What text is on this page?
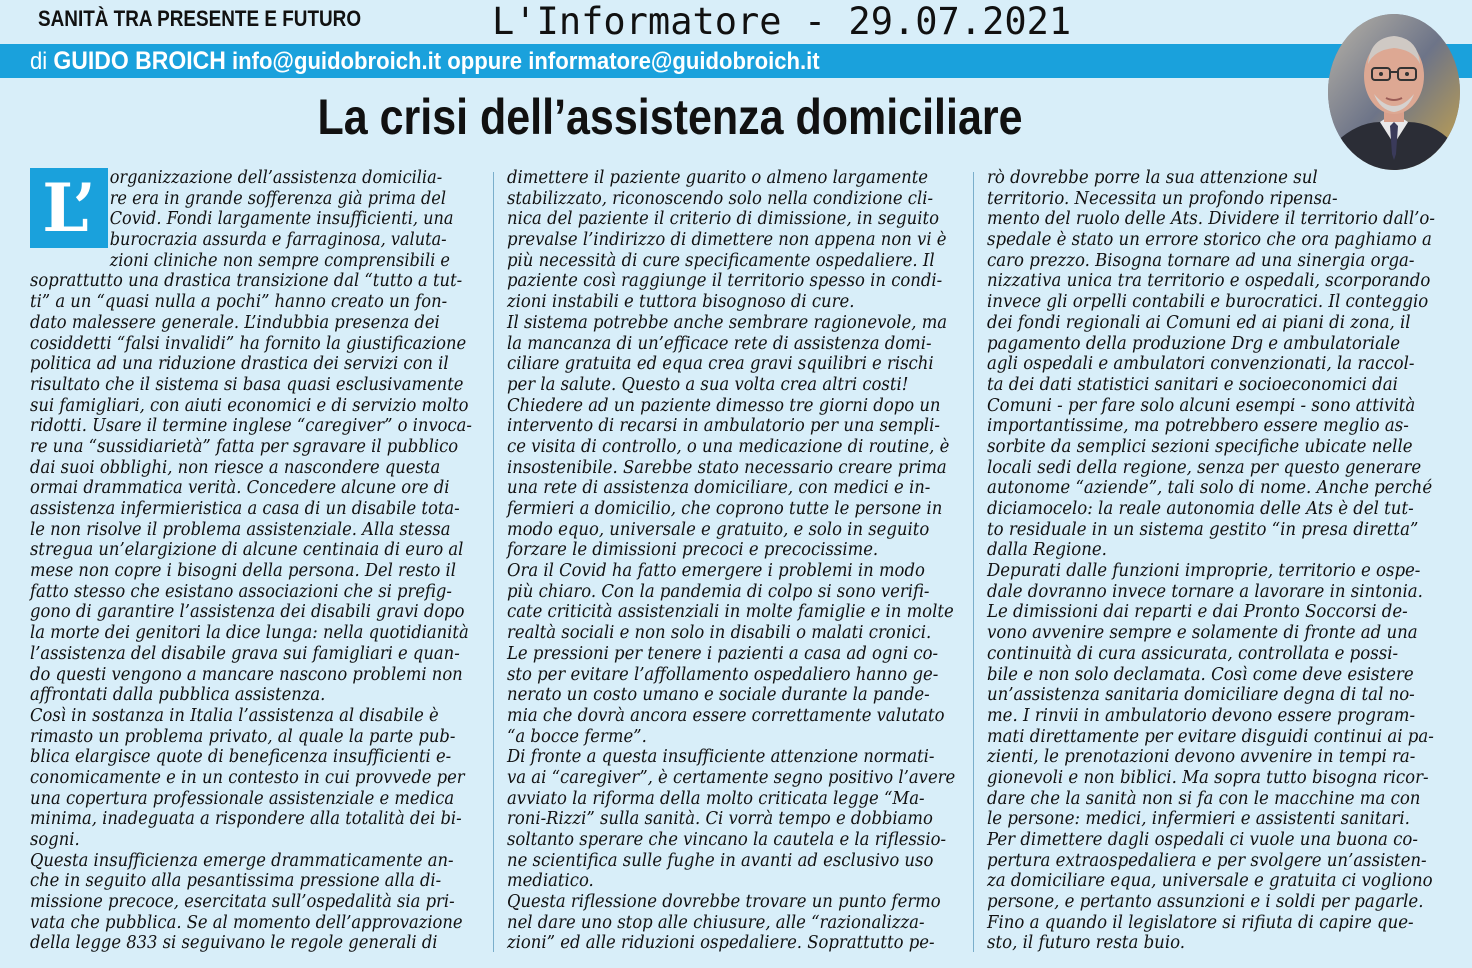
SANITÀ TRA PRESENTE E FUTURO	L'Informatore - 29.07.2021
di GUIDO BROICH info@guidobroich.it oppure informatore@guidobroich.it
La crisi dell’assistenza domiciliare
L’ organizzazione dell’assistenza domicilia-
re era in grande sofferenza già prima del
Covid. Fondi largamente insufficienti, una
burocrazia assurda e farraginosa, valuta-
zioni cliniche non sempre comprensibili e
soprattutto una drastica transizione dal “tutto a tut-
ti” a un “quasi nulla a pochi” hanno creato un fon-
dato malessere generale. L’indubbia presenza dei
cosiddetti “falsi invalidi” ha fornito la giustificazione
politica ad una riduzione drastica dei servizi con il
risultato che il sistema si basa quasi esclusivamente
sui famigliari, con aiuti economici e di servizio molto
ridotti. Usare il termine inglese “caregiver” o invoca-
re una “sussidiarietà” fatta per sgravare il pubblico
dai suoi obblighi, non riesce a nascondere questa
ormai drammatica verità. Concedere alcune ore di
assistenza infermieristica a casa di un disabile tota-
le non risolve il problema assistenziale. Alla stessa
stregua un’elargizione di alcune centinaia di euro al
mese non copre i bisogni della persona. Del resto il
fatto stesso che esistano associazioni che si prefig-
gono di garantire l’assistenza dei disabili gravi dopo
la morte dei genitori la dice lunga: nella quotidianità
l’assistenza del disabile grava sui famigliari e quan-
do questi vengono a mancare nascono problemi non
affrontati dalla pubblica assistenza.
Così in sostanza in Italia l’assistenza al disabile è
rimasto un problema privato, al quale la parte pub-
blica elargisce quote di beneficenza insufficienti e-
conomicamente e in un contesto in cui provvede per
una copertura professionale assistenziale e medica
minima, inadeguata a rispondere alla totalità dei bi-
sogni.
Questa insufficienza emerge drammaticamente an-
che in seguito alla pesantissima pressione alla di-
missione precoce, esercitata sull’ospedalità sia pri-
vata che pubblica. Se al momento dell’approvazione
della legge 833 si seguivano le regole generali di
dimettere il paziente guarito o almeno largamente
stabilizzato, riconoscendo solo nella condizione cli-
nica del paziente il criterio di dimissione, in seguito
prevalse l’indirizzo di dimettere non appena non vi è
più necessità di cure specificamente ospedaliere. Il
paziente così raggiunge il territorio spesso in condi-
zioni instabili e tuttora bisognoso di cure.
Il sistema potrebbe anche sembrare ragionevole, ma
la mancanza di un’efficace rete di assistenza domi-
ciliare gratuita ed equa crea gravi squilibri e rischi
per la salute. Questo a sua volta crea altri costi!
Chiedere ad un paziente dimesso tre giorni dopo un
intervento di recarsi in ambulatorio per una sempli-
ce visita di controllo, o una medicazione di routine, è
insostenibile. Sarebbe stato necessario creare prima
una rete di assistenza domiciliare, con medici e in-
fermieri a domicilio, che coprono tutte le persone in
modo equo, universale e gratuito, e solo in seguito
forzare le dimissioni precoci e precocissime.
Ora il Covid ha fatto emergere i problemi in modo
più chiaro. Con la pandemia di colpo si sono verifi-
cate criticità assistenziali in molte famiglie e in molte
realtà sociali e non solo in disabili o malati cronici.
Le pressioni per tenere i pazienti a casa ad ogni co-
sto per evitare l’affollamento ospedaliero hanno ge-
nerato un costo umano e sociale durante la pande-
mia che dovrà ancora essere correttamente valutato
“a bocce ferme”.
Di fronte a questa insufficiente attenzione normati-
va ai “caregiver”, è certamente segno positivo l’avere
avviato la riforma della molto criticata legge “Ma-
roni-Rizzi” sulla sanità. Ci vorrà tempo e dobbiamo
soltanto sperare che vincano la cautela e la riflessio-
ne scientifica sulle fughe in avanti ad esclusivo uso
mediatico.
Questa riflessione dovrebbe trovare un punto fermo
nel dare uno stop alle chiusure, alle “razionalizza-
zioni” ed alle riduzioni ospedaliere. Soprattutto pe-
rò dovrebbe porre la sua attenzione sul
territorio. Necessita un profondo ripensa-
mento del ruolo delle Ats. Dividere il territorio dall’o-
spedale è stato un errore storico che ora paghiamo a
caro prezzo. Bisogna tornare ad una sinergia orga-
nizzativa unica tra territorio e ospedali, scorporando
invece gli orpelli contabili e burocratici. Il conteggio
dei fondi regionali ai Comuni ed ai piani di zona, il
pagamento della produzione Drg e ambulatoriale
agli ospedali e ambulatori convenzionati, la raccol-
ta dei dati statistici sanitari e socioeconomici dai
Comuni - per fare solo alcuni esempi - sono attività
importantissime, ma potrebbero essere meglio as-
sorbite da semplici sezioni specifiche ubicate nelle
locali sedi della regione, senza per questo generare
autonome “aziende”, tali solo di nome. Anche perché
diciamocelo: la reale autonomia delle Ats è del tut-
to residuale in un sistema gestito “in presa diretta”
dalla Regione.
Depurati dalle funzioni improprie, territorio e ospe-
dale dovranno invece tornare a lavorare in sintonia.
Le dimissioni dai reparti e dai Pronto Soccorsi de-
vono avvenire sempre e solamente di fronte ad una
continuità di cura assicurata, controllata e possi-
bile e non solo declamata. Così come deve esistere
un’assistenza sanitaria domiciliare degna di tal no-
me. I rinvii in ambulatorio devono essere program-
mati direttamente per evitare disguidi continui ai pa-
zienti, le prenotazioni devono avvenire in tempi ra-
gionevoli e non biblici. Ma sopra tutto bisogna ricor-
dare che la sanità non si fa con le macchine ma con
le persone: medici, infermieri e assistenti sanitari.
Per dimettere dagli ospedali ci vuole una buona co-
pertura extraospedaliera e per svolgere un’assisten-
za domiciliare equa, universale e gratuita ci vogliono
persone, e pertanto assunzioni e i soldi per pagarle.
Fino a quando il legislatore si rifiuta di capire que-
sto, il futuro resta buio.
